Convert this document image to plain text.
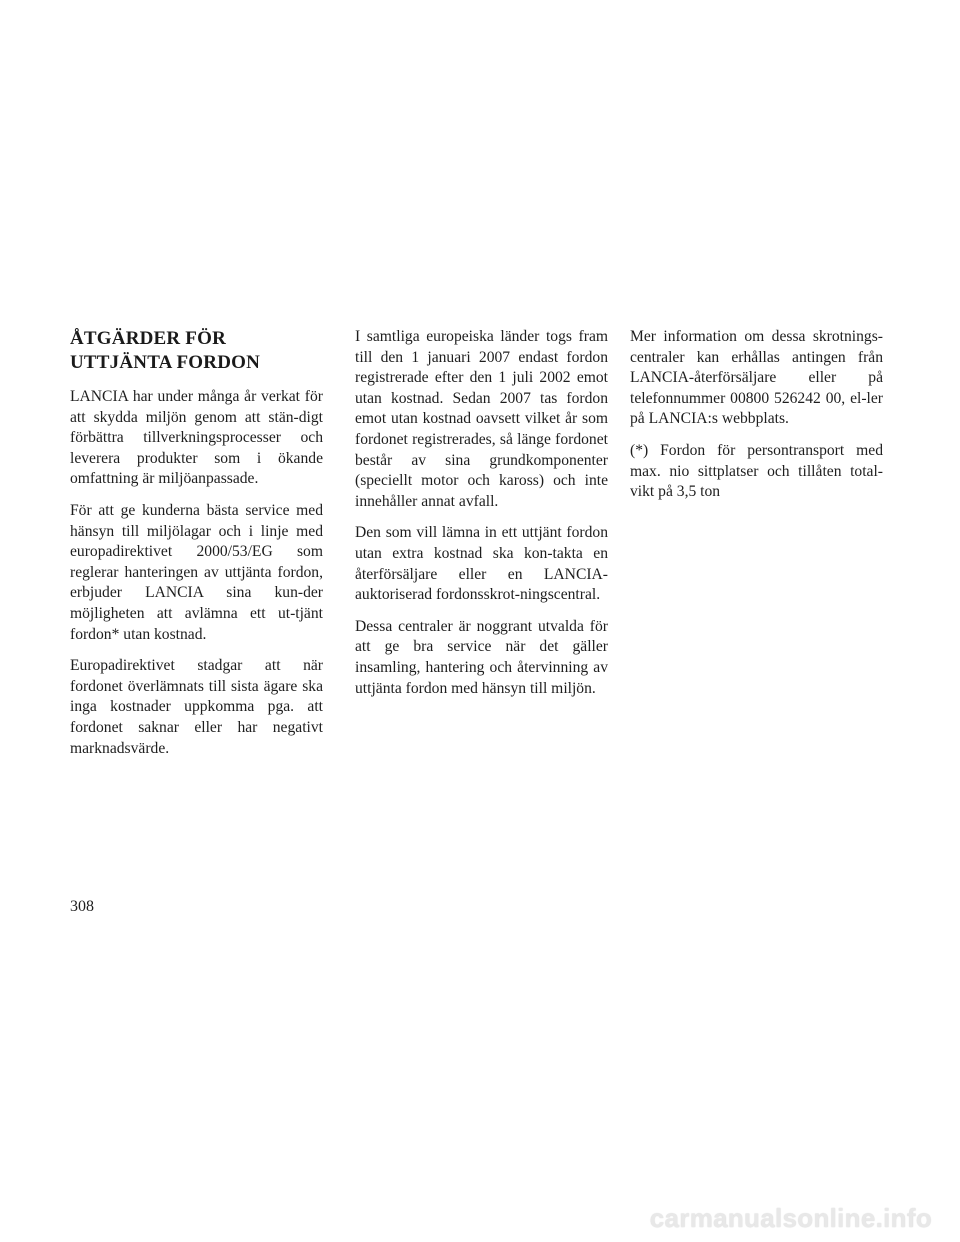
ÅTGÄRDER FÖR
UTTJÄNTA FORDON

LANCIA har under många år verkat för att skydda miljön genom att stän-digt förbättra tillverkningsprocesser och leverera produkter som i ökande omfattning är miljöanpassade.

För att ge kunderna bästa service med hänsyn till miljölagar och i linje med europadirektivet 2000/53/EG som reglerar hanteringen av uttjänta fordon, erbjuder LANCIA sina kun-der möjligheten att avlämna ett ut-tjänt fordon* utan kostnad.

Europadirektivet stadgar att när fordonet överlämnats till sista ägare ska inga kostnader uppkomma pga. att fordonet saknar eller har negativt marknadsvärde.

I samtliga europeiska länder togs fram till den 1 januari 2007 endast fordon registrerade efter den 1 juli 2002 emot utan kostnad. Sedan 2007 tas fordon emot utan kostnad oavsett vilket år som fordonet registrerades, så länge fordonet består av sina grundkomponenter (speciellt motor och kaross) och inte innehåller annat avfall.

Den som vill lämna in ett uttjänt fordon utan extra kostnad ska kon-takta en återförsäljare eller en LANCIA-auktoriserad fordonsskrot-ningscentral.

Dessa centraler är noggrant utvalda för att ge bra service när det gäller insamling, hantering och återvinning av uttjänta fordon med hänsyn till miljön.

Mer information om dessa skrotnings-centraler kan erhållas antingen från LANCIA-återförsäljare eller på telefonnummer 00800 526242 00, el-ler på LANCIA:s webbplats.

(*) Fordon för persontransport med max. nio sittplatser och tillåten total-vikt på 3,5 ton

308
carmanualsonline.info
